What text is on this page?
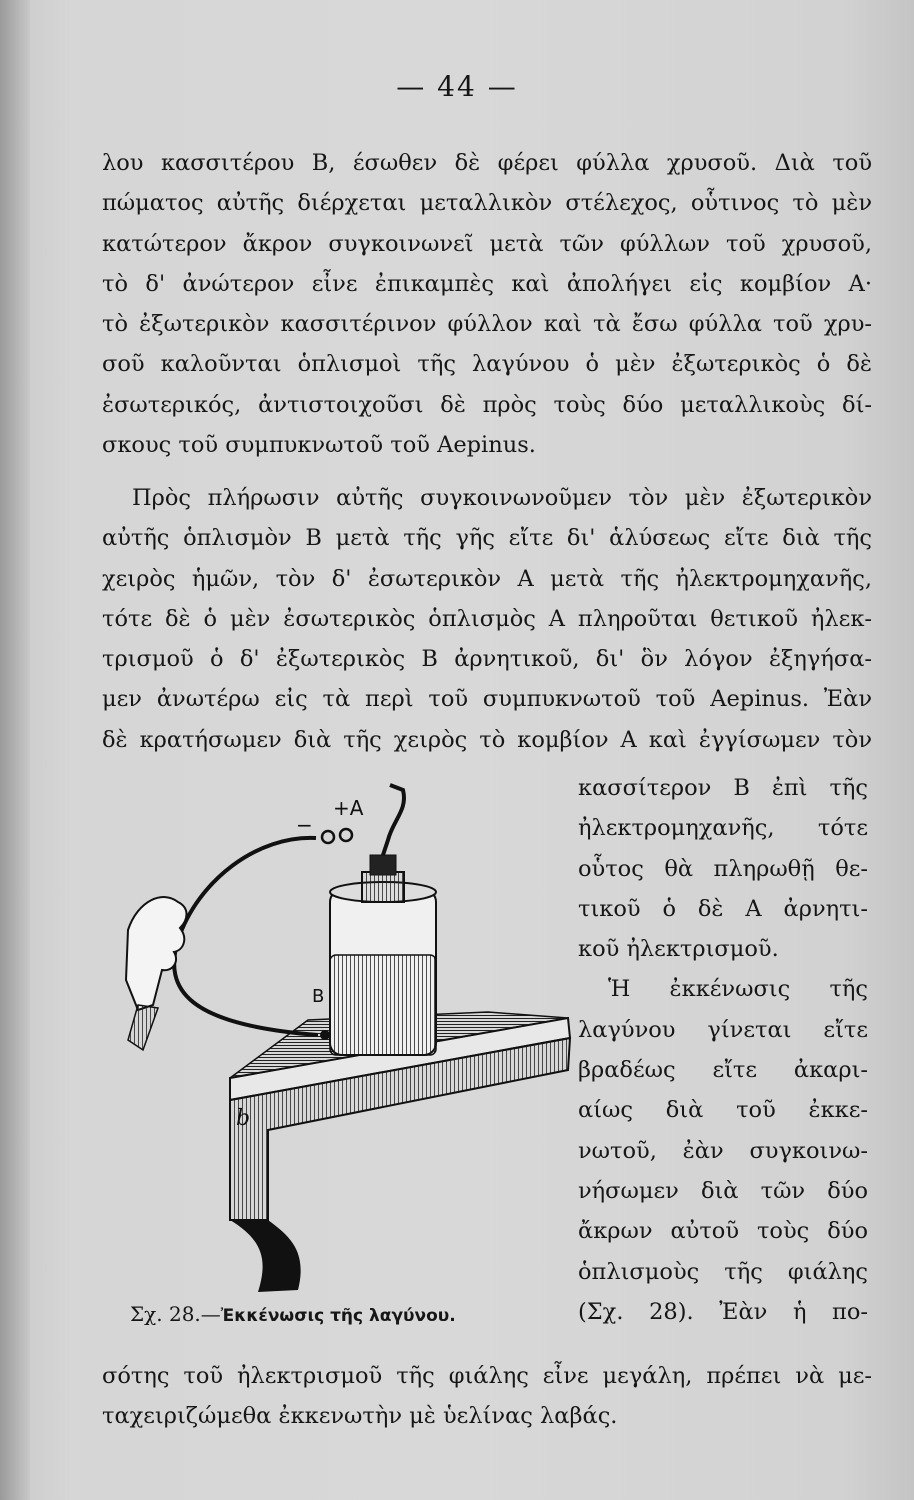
— 44 —
λου κασσιτέρου Β, έσωθεν δὲ φέρει φύλλα χρυσοῦ. Διὰ τοῦ
πώματος αὐτῆς διέρχεται μεταλλικὸν στέλεχος, οὗτινος τὸ μὲν
κατώτερον ἄκρον συγκοινωνεῖ μετὰ τῶν φύλλων τοῦ χρυσοῦ,
τὸ δ' ἀνώτερον εἶνε ἐπικαμπὲς καὶ ἀπολήγει εἰς κομβίον Α·
τὸ ἐξωτερικὸν κασσιτέρινον φύλλον καὶ τὰ ἔσω φύλλα τοῦ χρυ-
σοῦ καλοῦνται ὁπλισμοὶ τῆς λαγύνου ὁ μὲν ἐξωτερικὸς ὁ δὲ
ἐσωτερικός, ἀντιστοιχοῦσι δὲ πρὸς τοὺς δύο μεταλλικοὺς δί-
σκους τοῦ συμπυκνωτοῦ τοῦ Aepinus.
Πρὸς πλήρωσιν αὐτῆς συγκοινωνοῦμεν τὸν μὲν ἐξωτερικὸν
αὐτῆς ὁπλισμὸν Β μετὰ τῆς γῆς εἴτε δι' ἁλύσεως εἴτε διὰ τῆς
χειρὸς ἡμῶν, τὸν δ' ἐσωτερικὸν Α μετὰ τῆς ἠλεκτρομηχανῆς,
τότε δὲ ὁ μὲν ἐσωτερικὸς ὁπλισμὸς Α πληροῦται θετικοῦ ἠλεκ-
τρισμοῦ ὁ δ' ἐξωτερικὸς Β ἀρνητικοῦ, δι' ὃν λόγον ἐξηγήσα-
μεν ἀνωτέρω εἰς τὰ περὶ τοῦ συμπυκνωτοῦ τοῦ Aepinus. Ἐὰν
δὲ κρατήσωμεν διὰ τῆς χειρὸς τὸ κομβίον Α καὶ ἐγγίσωμεν τὸν
κασσίτερον Β ἐπὶ τῆς
ἠλεκτρομηχανῆς, τότε
οὗτος θὰ πληρωθῇ θε-
τικοῦ ὁ δὲ Α ἀρνητι-
κοῦ ἠλεκτρισμοῦ.
Ἡ ἐκκένωσις τῆς
λαγύνου γίνεται εἴτε
βραδέως εἴτε ἀκαρι-
αίως διὰ τοῦ ἐκκε-
νωτοῦ, ἐὰν συγκοινω-
νήσωμεν διὰ τῶν δύο
ἄκρων αὐτοῦ τοὺς δύο
ὁπλισμοὺς τῆς φιάλης
(Σχ. 28). Ἐὰν ἡ πο-
+A
−
B
b
Σχ. 28.—Ἐκκένωσις τῆς λαγύνου.
σότης τοῦ ἠλεκτρισμοῦ τῆς φιάλης εἶνε μεγάλη, πρέπει νὰ με-
ταχειριζώμεθα ἐκκενωτὴν μὲ ὑελίνας λαβάς.
